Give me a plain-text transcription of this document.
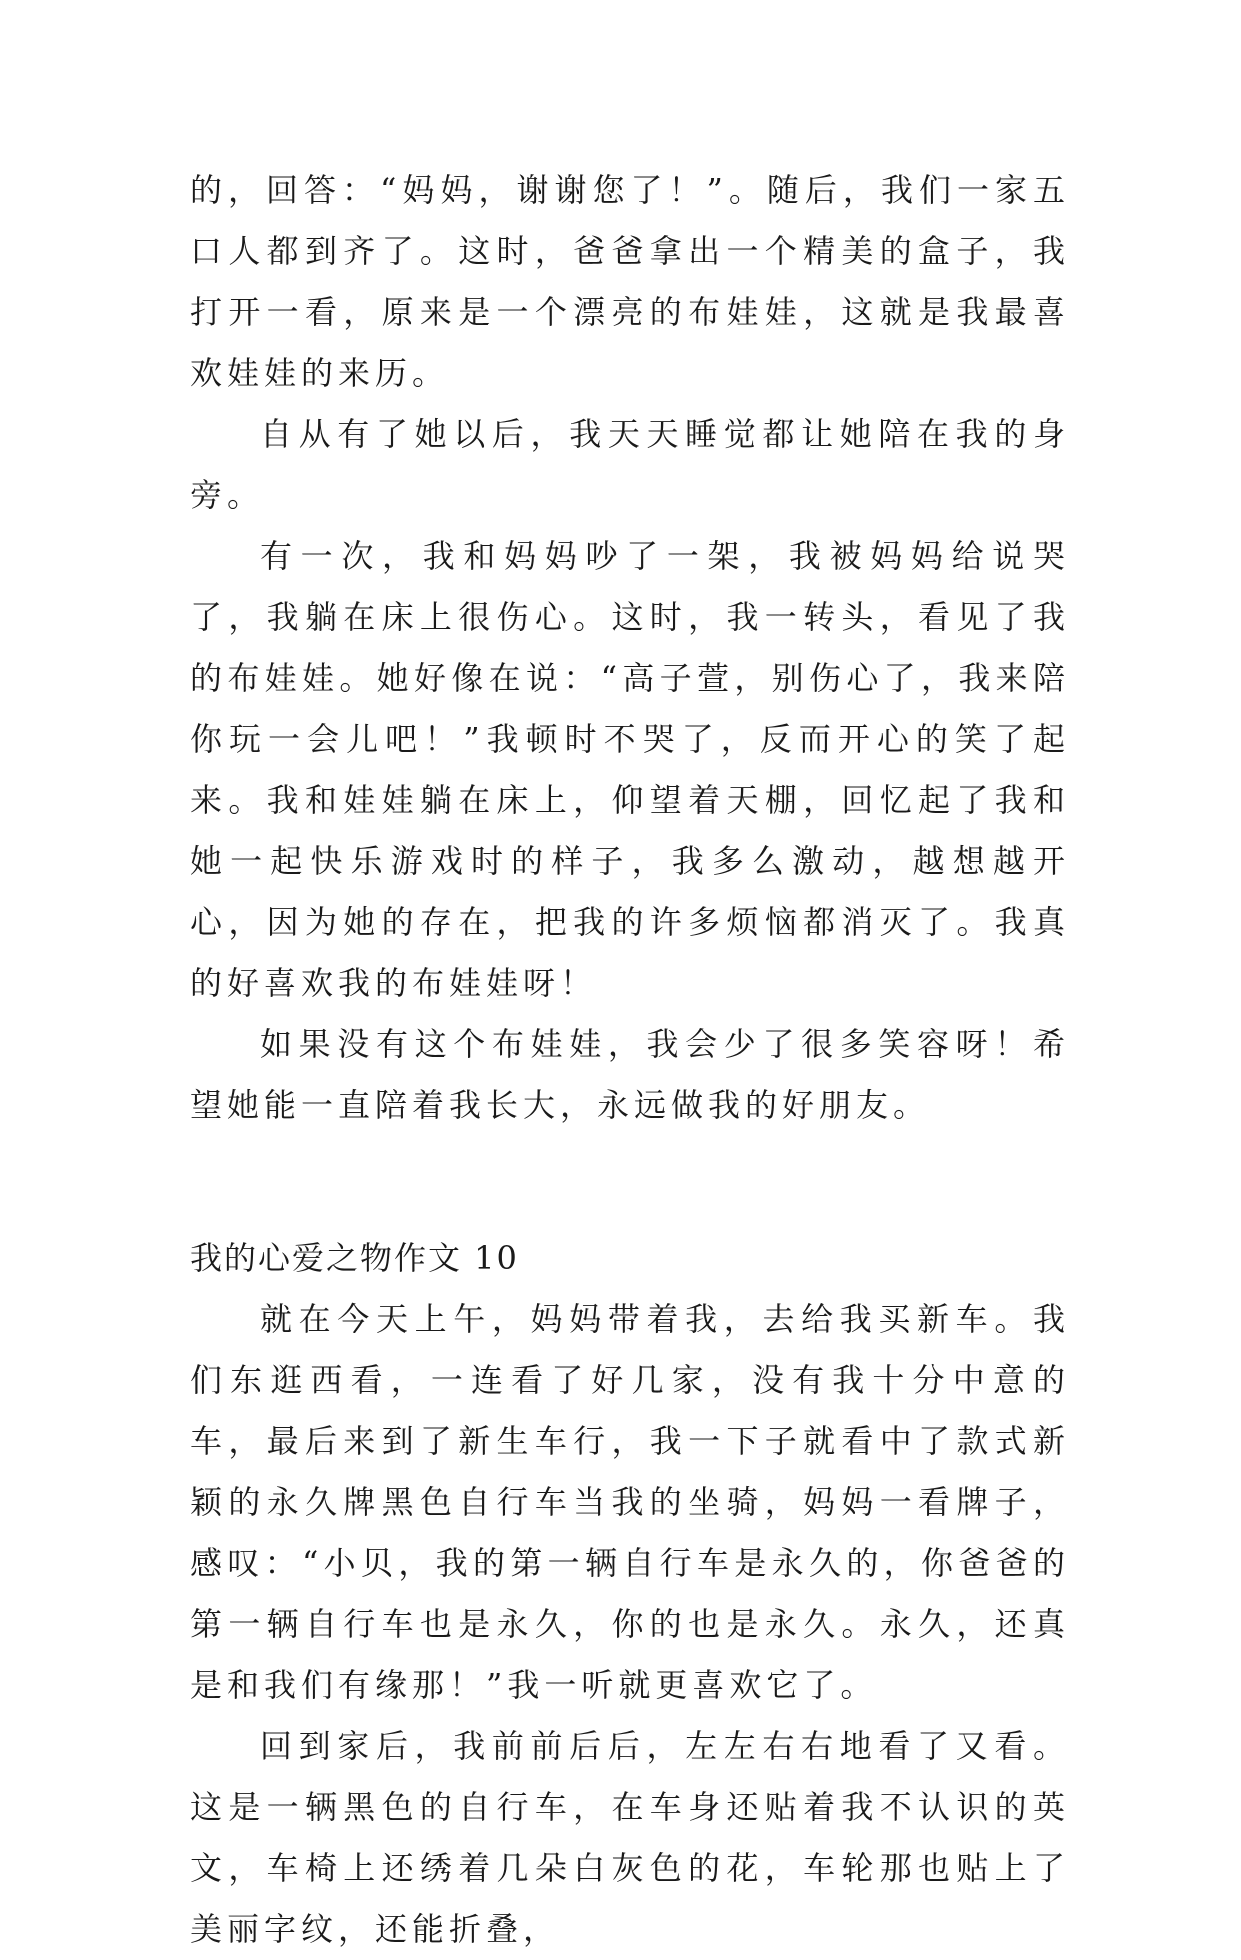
的，回答：“妈妈，谢谢您了！”。随后，我们一家五口人都到齐了。这时，爸爸拿出一个精美的盒子，我打开一看，原来是一个漂亮的布娃娃，这就是我最喜欢娃娃的来历。

自从有了她以后，我天天睡觉都让她陪在我的身旁。

有一次，我和妈妈吵了一架，我被妈妈给说哭了，我躺在床上很伤心。这时，我一转头，看见了我的布娃娃。她好像在说：“高子萱，别伤心了，我来陪你玩一会儿吧！”我顿时不哭了，反而开心的笑了起来。我和娃娃躺在床上，仰望着天棚，回忆起了我和她一起快乐游戏时的样子，我多么激动，越想越开心，因为她的存在，把我的许多烦恼都消灭了。我真的好喜欢我的布娃娃呀！

如果没有这个布娃娃，我会少了很多笑容呀！希望她能一直陪着我长大，永远做我的好朋友。

我的心爱之物作文 10

就在今天上午，妈妈带着我，去给我买新车。我们东逛西看，一连看了好几家，没有我十分中意的车，最后来到了新生车行，我一下子就看中了款式新颖的永久牌黑色自行车当我的坐骑，妈妈一看牌子，感叹：“小贝，我的第一辆自行车是永久的，你爸爸的第一辆自行车也是永久，你的也是永久。永久，还真是和我们有缘那！”我一听就更喜欢它了。

回到家后，我前前后后，左左右右地看了又看。这是一辆黑色的自行车，在车身还贴着我不认识的英文，车椅上还绣着几朵白灰色的花，车轮那也贴上了美丽字纹，还能折叠，
